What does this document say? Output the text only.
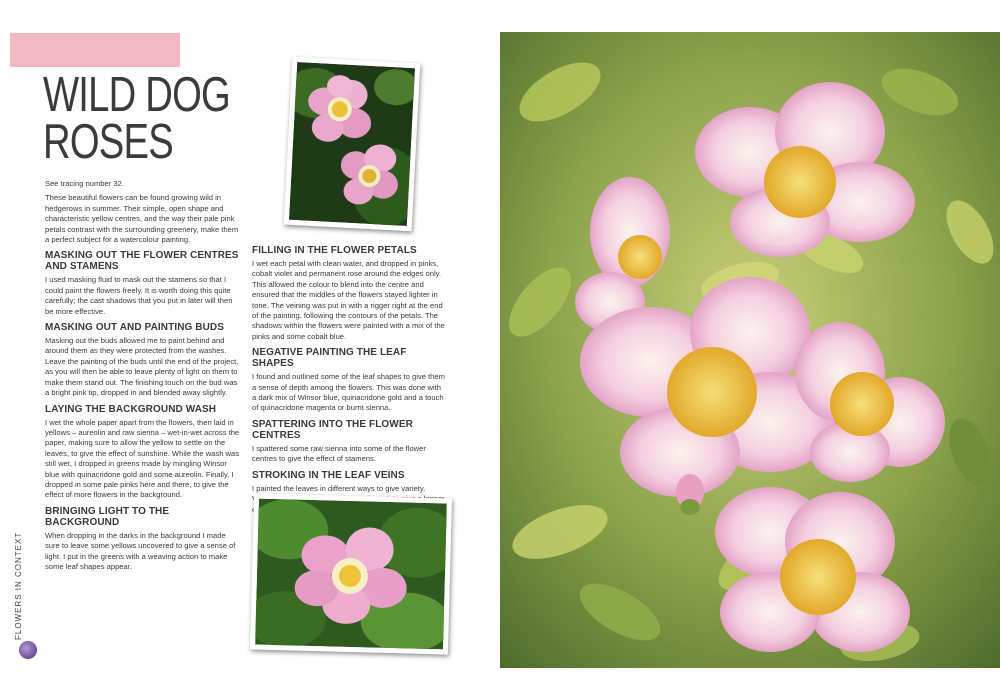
WILD DOG
ROSES

See tracing number 32.

These beautiful flowers can be found growing wild in hedgerows in summer. Their simple, open shape and characteristic yellow centres, and the way their pale pink petals contrast with the surrounding greenery, make them a perfect subject for a watercolour painting.

MASKING OUT THE FLOWER CENTRES AND STAMENS

I used masking fluid to mask out the stamens so that I could paint the flowers freely. It is worth doing this quite carefully; the cast shadows that you put in later will then be more effective.

MASKING OUT AND PAINTING BUDS

Masking out the buds allowed me to paint behind and around them as they were protected from the washes. Leave the painting of the buds until the end of the project, as you will then be able to leave plenty of light on them to make them stand out. The finishing touch on the bud was a bright pink tip, dropped in and blended away slightly.

LAYING THE BACKGROUND WASH

I wet the whole paper apart from the flowers, then laid in yellows – aureolin and raw sienna – wet-in-wet across the paper, making sure to allow the yellow to settle on the leaves, to give the effect of sunshine. While the wash was still wet, I dropped in greens made by mingling Winsor blue with quinacridone gold and some aureolin. Finally, I dropped in some pale pinks here and there, to give the effect of more flowers in the background.

BRINGING LIGHT TO THE BACKGROUND

When dropping in the darks in the background I made sure to leave some yellows uncovered to give a sense of light. I put in the greens with a weaving action to make some leaf shapes appear.

FILLING IN THE FLOWER PETALS

I wet each petal with clean water, and dropped in pinks, cobalt violet and permanent rose around the edges only. This allowed the colour to blend into the centre and ensured that the middles of the flowers stayed lighter in tone. The veining was put in with a rigger right at the end of the painting, following the contours of the petals. The shadows within the flowers were painted with a mix of the pinks and some cobalt blue.

NEGATIVE PAINTING THE LEAF SHAPES

I found and outlined some of the leaf shapes to give them a sense of depth among the flowers. This was done with a dark mix of Winsor blue, quinacridone gold and a touch of quinacridone magenta or burnt sienna.

SPATTERING INTO THE FLOWER CENTRES

I spattered some raw sienna into some of the flower centres to give the effect of stamens.

STROKING IN THE LEAF VEINS

I painted the leaves in different ways to give variety.

FLOWERS IN CONTEXT
